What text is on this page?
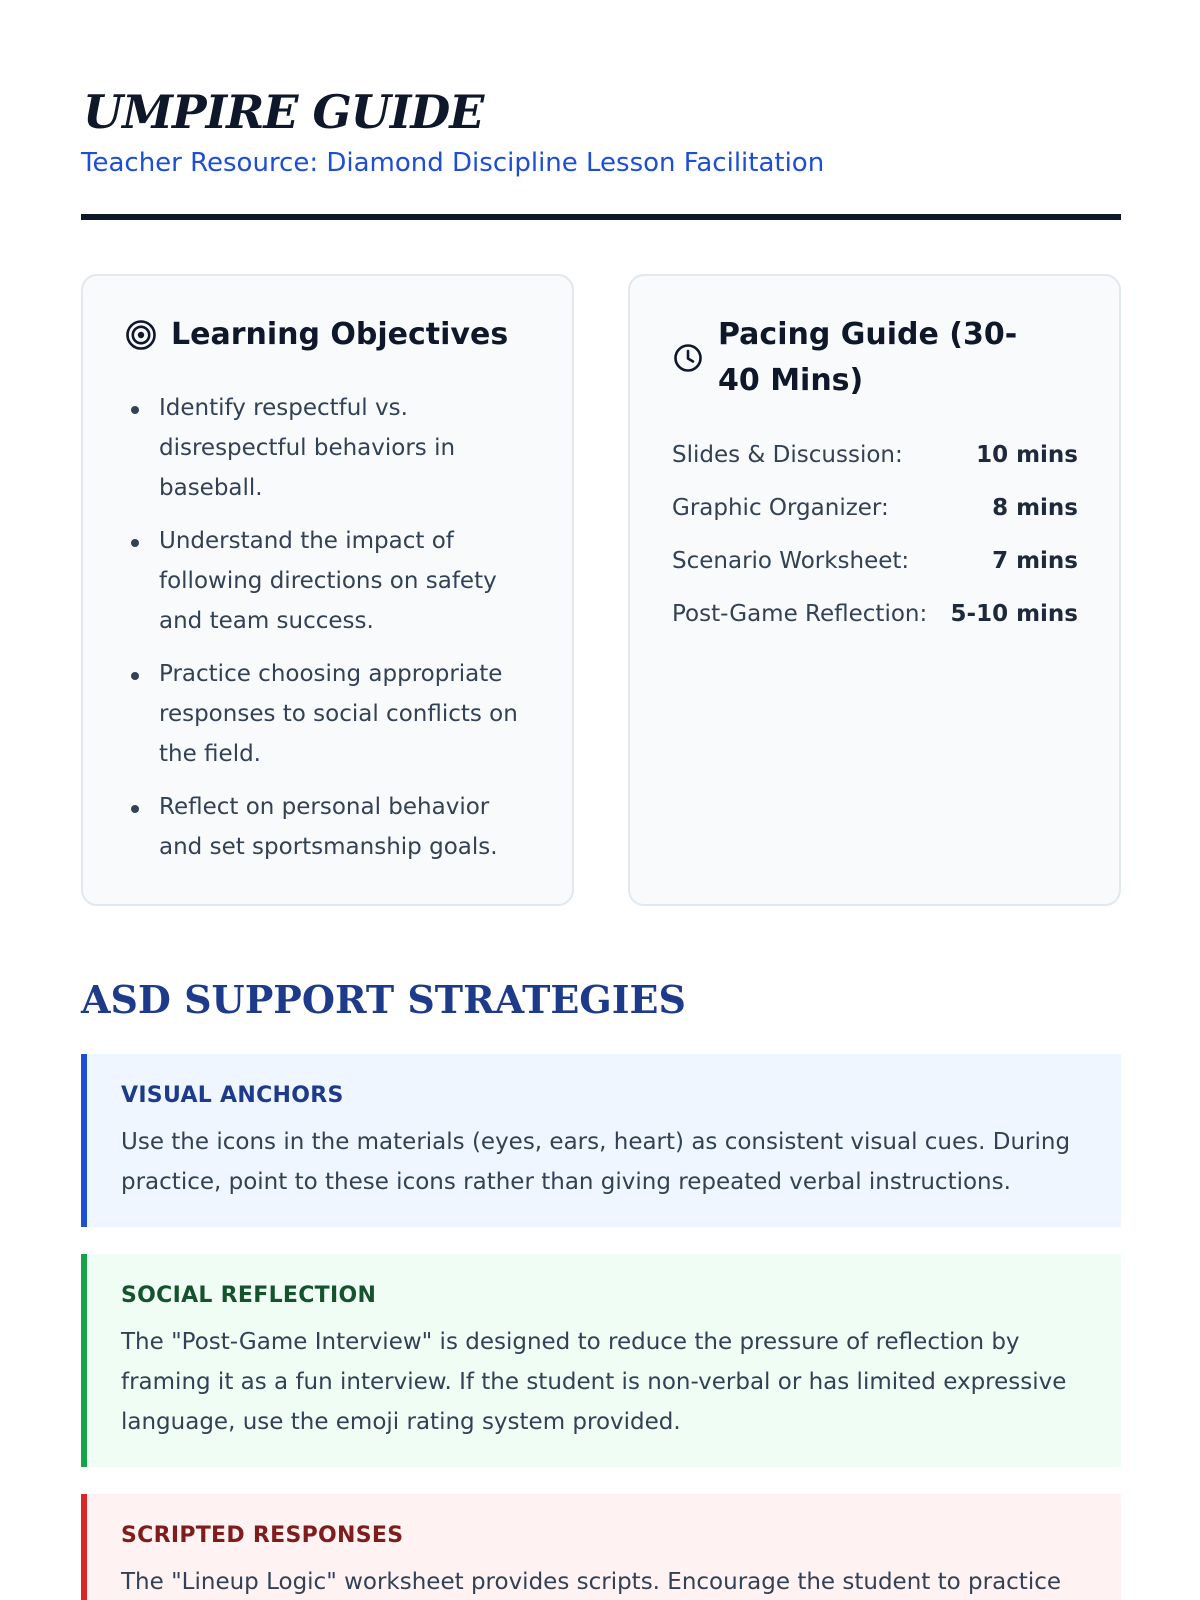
UMPIRE GUIDE
Teacher Resource: Diamond Discipline Lesson Facilitation
Learning Objectives
Identify respectful vs. disrespectful behaviors in baseball.
Understand the impact of following directions on safety and team success.
Practice choosing appropriate responses to social conflicts on the field.
Reflect on personal behavior and set sportsmanship goals.
Pacing Guide (30-40 Mins)
Slides & Discussion:	10 mins
Graphic Organizer:	8 mins
Scenario Worksheet:	7 mins
Post-Game Reflection: 5-10 mins
ASD SUPPORT STRATEGIES
VISUAL ANCHORS
Use the icons in the materials (eyes, ears, heart) as consistent visual cues. During practice, point to these icons rather than giving repeated verbal instructions.
SOCIAL REFLECTION
The "Post-Game Interview" is designed to reduce the pressure of reflection by framing it as a fun interview. If the student is non-verbal or has limited expressive language, use the emoji rating system provided.
SCRIPTED RESPONSES
The "Lineup Logic" worksheet provides scripts. Encourage the student to practice
